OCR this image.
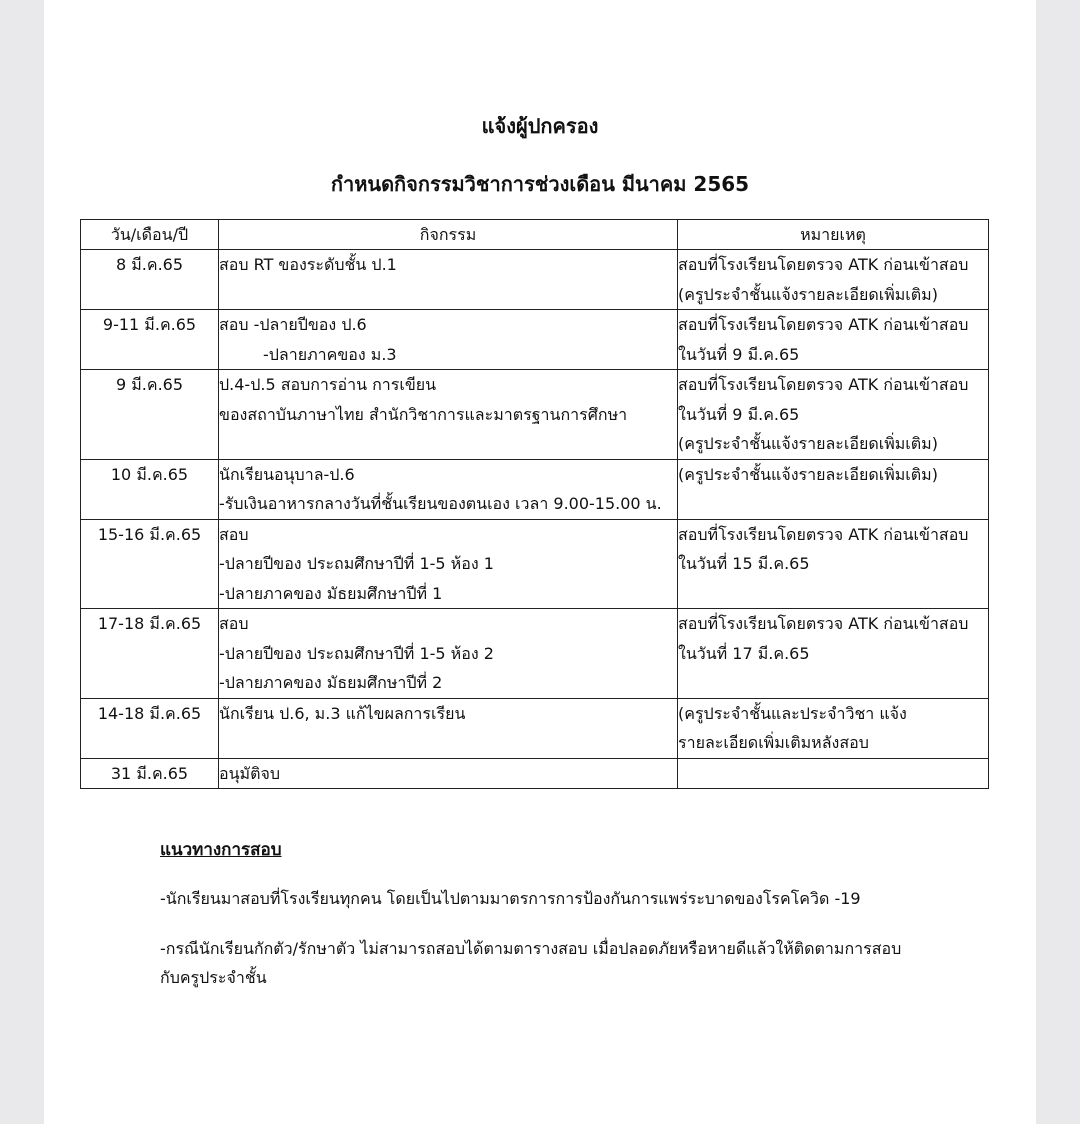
แจ้งผู้ปกครอง
กำหนดกิจกรรมวิชาการช่วงเดือน มีนาคม 2565
วัน/เดือน/ปี	กิจกรรม	หมายเหตุ
8 มี.ค.65	สอบ RT ของระดับชั้น ป.1	สอบที่โรงเรียนโดยตรวจ ATK ก่อนเข้าสอบ
(ครูประจำชั้นแจ้งรายละเอียดเพิ่มเติม)

9-11 มี.ค.65	สอบ -ปลายปีของ ป.6
-ปลายภาคของ ม.3	สอบที่โรงเรียนโดยตรวจ ATK ก่อนเข้าสอบ
ในวันที่ 9 มี.ค.65

9 มี.ค.65	ป.4-ป.5 สอบการอ่าน การเขียน
ของสถาบันภาษาไทย สำนักวิชาการและมาตรฐานการศึกษา	สอบที่โรงเรียนโดยตรวจ ATK ก่อนเข้าสอบ
ในวันที่ 9 มี.ค.65
(ครูประจำชั้นแจ้งรายละเอียดเพิ่มเติม)

10 มี.ค.65	นักเรียนอนุบาล-ป.6
-รับเงินอาหารกลางวันที่ชั้นเรียนของตนเอง เวลา 9.00-15.00 น.	(ครูประจำชั้นแจ้งรายละเอียดเพิ่มเติม)

15-16 มี.ค.65	สอบ
-ปลายปีของ ประถมศึกษาปีที่ 1-5 ห้อง 1
-ปลายภาคของ มัธยมศึกษาปีที่ 1	สอบที่โรงเรียนโดยตรวจ ATK ก่อนเข้าสอบ
ในวันที่ 15 มี.ค.65

17-18 มี.ค.65	สอบ
-ปลายปีของ ประถมศึกษาปีที่ 1-5 ห้อง 2
-ปลายภาคของ มัธยมศึกษาปีที่ 2	สอบที่โรงเรียนโดยตรวจ ATK ก่อนเข้าสอบ
ในวันที่ 17 มี.ค.65

14-18 มี.ค.65	นักเรียน ป.6, ม.3 แก้ไขผลการเรียน	(ครูประจำชั้นและประจำวิชา แจ้ง
รายละเอียดเพิ่มเติมหลังสอบ

31 มี.ค.65	อนุมัติจบ	

แนวทางการสอบ
-นักเรียนมาสอบที่โรงเรียนทุกคน โดยเป็นไปตามมาตรการการป้องกันการแพร่ระบาดของโรคโควิด -19
-กรณีนักเรียนกักตัว/รักษาตัว ไม่สามารถสอบได้ตามตารางสอบ เมื่อปลอดภัยหรือหายดีแล้วให้ติดตามการสอบ
กับครูประจำชั้น
